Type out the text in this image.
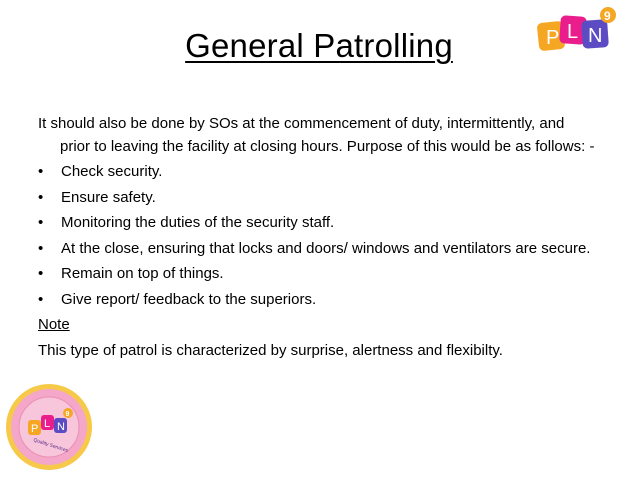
General Patrolling	P L N
9

It should also be done by SOs at the commencement of duty, intermittently, and prior to leaving the facility at closing hours. Purpose of this would be as follows: -

• Check security.
• Ensure safety.
• Monitoring the duties of the security staff.
• At the close, ensuring that locks and doors/ windows and ventilators are secure.
• Remain on top of things.
• Give report/ feedback to the superiors.
Note
This type of patrol is characterized by surprise, alertness and flexibilty.
P L N
9
Quality Services
